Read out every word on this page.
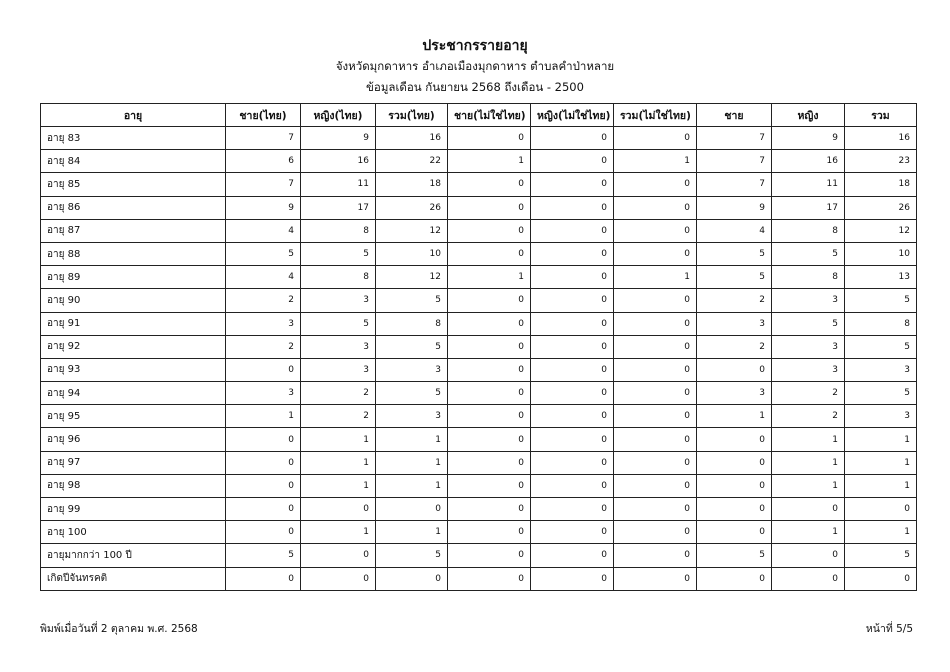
ประชากรรายอายุ
จังหวัดมุกดาหาร อำเภอเมืองมุกดาหาร ตำบลคำป่าหลาย
ข้อมูลเดือน กันยายน 2568 ถึงเดือน - 2500
อายุ	ชาย(ไทย)	หญิง(ไทย)	รวม(ไทย)	ชาย(ไม่ใช่ไทย)	หญิง(ไม่ใช่ไทย)	รวม(ไม่ใช่ไทย)	ชาย	หญิง	รวม
อายุ 83	7	9	16	0	0	0	7	9	16
อายุ 84	6	16	22	1	0	1	7	16	23
อายุ 85	7	11	18	0	0	0	7	11	18
อายุ 86	9	17	26	0	0	0	9	17	26
อายุ 87	4	8	12	0	0	0	4	8	12
อายุ 88	5	5	10	0	0	0	5	5	10
อายุ 89	4	8	12	1	0	1	5	8	13
อายุ 90	2	3	5	0	0	0	2	3	5
อายุ 91	3	5	8	0	0	0	3	5	8
อายุ 92	2	3	5	0	0	0	2	3	5
อายุ 93	0	3	3	0	0	0	0	3	3
อายุ 94	3	2	5	0	0	0	3	2	5
อายุ 95	1	2	3	0	0	0	1	2	3
อายุ 96	0	1	1	0	0	0	0	1	1
อายุ 97	0	1	1	0	0	0	0	1	1
อายุ 98	0	1	1	0	0	0	0	1	1
อายุ 99	0	0	0	0	0	0	0	0	0
อายุ 100	0	1	1	0	0	0	0	1	1
อายุมากกว่า 100 ปี	5	0	5	0	0	0	5	0	5
เกิดปีจันทรคติ	0	0	0	0	0	0	0	0	0
พิมพ์เมื่อวันที่ 2 ตุลาคม พ.ศ. 2568	หน้าที่ 5/5
